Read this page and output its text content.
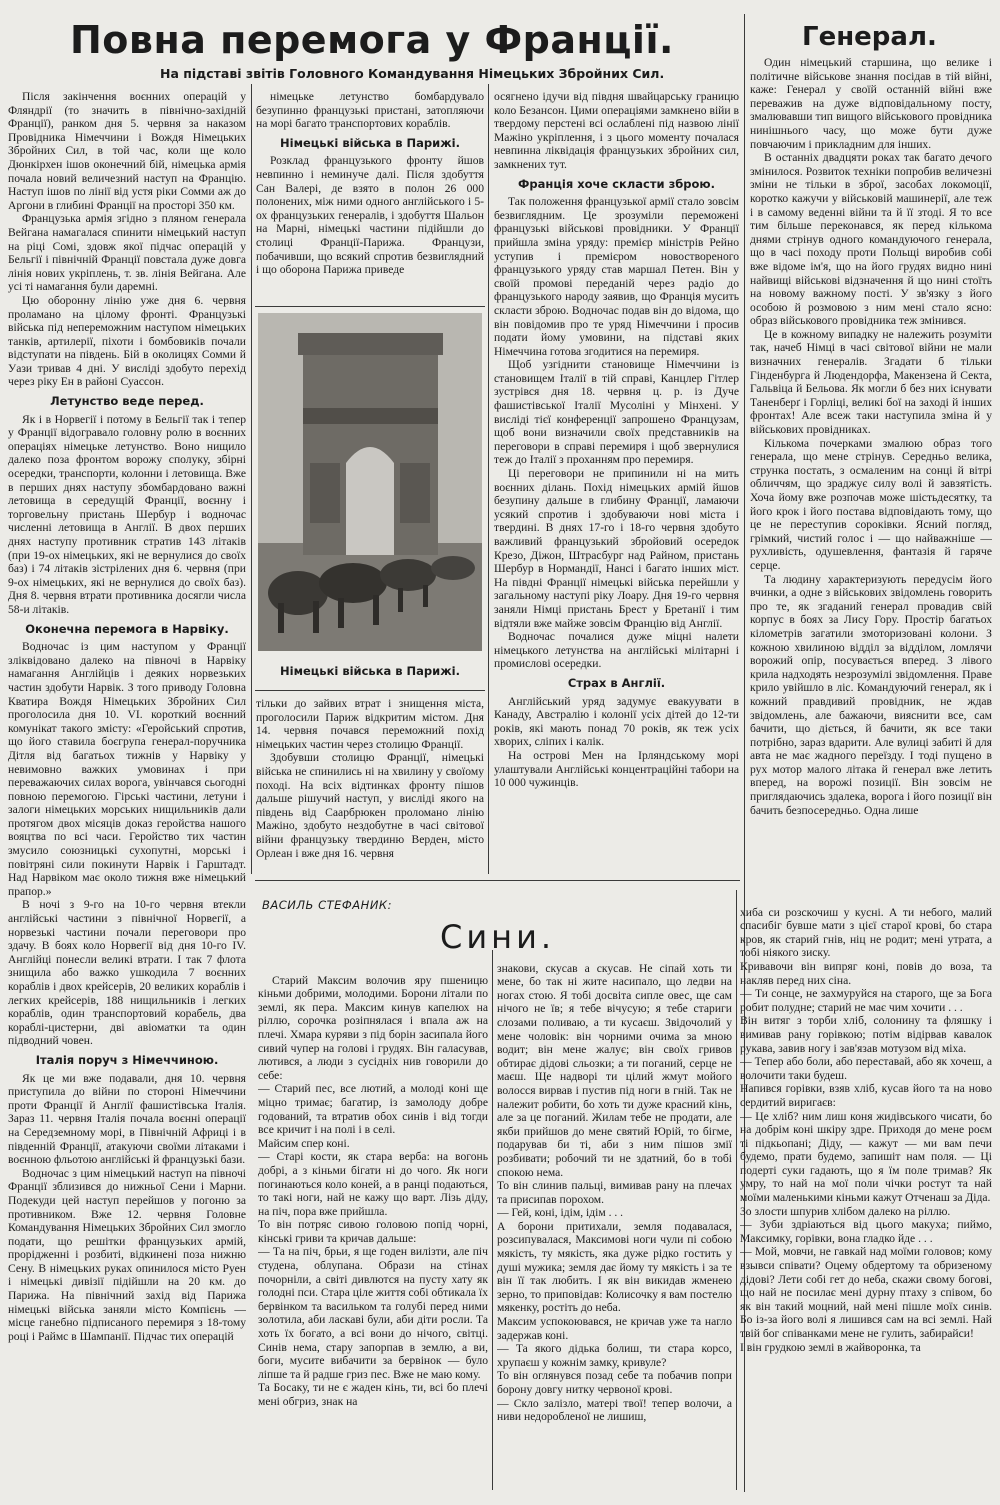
Повна перемога у Франції.
На підставі звітів Головного Командування Німецьких Збройних Сил.
Генерал.

Після закінчення воєнних операцій у Фляндрії (то значить в північно-західній Франції), ранком дня 5. червня за наказом Провідника Німеччини і Вождя Німецьких Збройних Сил, в той час, коли ще коло Дюнкірхен ішов оконечний бій, німецька армія почала новий величезний наступ на Францію. Наступ ішов по лінії від устя ріки Сомми аж до Аргони в глибині Франції на просторі 350 км.

Французька армія згідно з пляном генерала Вейгана намагалася спинити німецький наступ на ріці Сомі, здовж якої підчас операцій у Бельгії і північній Франції повстала дуже довга лінія нових укріплень, т. зв. лінія Вейгана. Але усі ті намагання були даремні.

Цю оборонну лінію уже дня 6. червня проламано на цілому фронті. Французькі війська під непереможним наступом німецьких танків, артилерії, піхоти і бомбовиків почали відступати на південь. Бій в околицях Сомми й Уази тривав 4 дні. У висліді здобуто перехід через ріку Ен в районі Суассон.

Летунство веде перед.

Як і в Норвегії і потому в Бельгії так і тепер у Франції відогравало головну ролю в воєнних операціях німецьке летунство. Воно нищило далеко поза фронтом ворожу сполуку, збірні осередки, транспорти, колонни і летовища. Вже в перших днях наступу збомбардовано важні летовища в середущій Франції, воєнну і торговельну пристань Шербур і водночас численні летовища в Англії. В двох перших днях наступу противник стратив 143 літаків (при 19-ох німецьких, які не вернулися до своїх баз) і 74 літаків зістрілених дня 6. червня (при 9-ох німецьких, які не вернулися до своїх баз). Дня 8. червня втрати противника досягли числа 58-и літаків.

Оконечна перемога в Нарвіку.

Водночас із цим наступом у Франції зліквідовано далеко на півночі в Нарвіку намагання Англійців і деяких норвезьких частин здобути Нарвік. З того приводу Головна Кватира Вождя Німецьких Збройних Сил проголосила дня 10. VI. короткий воєнний комунікат такого змісту: «Геройський спротив, що його ставила боєгрупа генерал-поручника Дітля від багатьох тижнів у Нарвіку у невимовно важких умовинах і при переважаючих силах ворога, увінчався сьогодні повною перемогою. Гірські частини, летуни і залоги німецьких морських нищильників дали протягом двох місяців доказ геройства нашого вояцтва по всі часи. Геройство тих частин змусило союзницькі сухопутні, морські і повітряні сили покинути Нарвік і Гарштадт. Над Нарвіком має около тижня вже німецький прапор.»

В ночі з 9-го на 10-го червня втекли англійські частини з північної Норвегії, а норвезькі частини почали переговори про здачу. В боях коло Норвегії від дня 10-го IV. Англійці понесли великі втрати. І так 7 флота знищила або важко ушкодила 7 воєнних кораблів і двох крейсерів, 20 великих кораблів і легких крейсерів, 188 нищильників і легких кораблів, один транспортовий корабель, два кораблі-цистерни, дві авіоматки та один підводний човен.

Італія поруч з Німеччиною.

Як це ми вже подавали, дня 10. червня приступила до війни по стороні Німеччини проти Франції й Англії фашистівська Італія. Зараз 11. червня Італія почала воєнні операції на Середземному морі, в Північній Африці і в південній Франції, атакуючи своїми літаками і воєнною фльотою англійські й французькі бази.

Водночас з цим німецький наступ на півночі Франції зблизився до нижньої Сени і Марни. Подекуди цей наступ перейшов у погоню за противником. Вже 12. червня Головне Командування Німецьких Збройних Сил змогло подати, що решітки французьких армій, прорідженні і розбиті, відкинені поза нижню Сену. В німецьких руках опинилося місто Руен і німецькі дивізії підійшли на 20 км. до Парижа. На північний захід від Парижа німецькі війська заняли місто Компієнь — місце ганебно підписаного перемиря з 18-тому році і Раймс в Шампанії. Підчас тих операцій

німецьке летунство бомбардувало безупинно французькі пристані, затопляючи на морі багато транспортових кораблів.

Німецькі війська в Парижі.

Розклад французького фронту йшов невпинно і неминуче далі. Після здобуття Сан Валері, де взято в полон 26 000 полонених, між ними одного англійського і 5-ох французьких генералів, і здобуття Шальон на Марні, німецькі частини підійшли до столиці Франції-Парижа. Французи, побачивши, що всякий спротив безвиглядний і що оборона Парижа приведе

Німецькі війська в Парижі.

тільки до зайвих втрат і знищення міста, проголосили Париж відкритим містом. Дня 14. червня почався переможний похід німецьких частин через столицю Франції.

Здобувши столицю Франції, німецькі війська не спинились ні на хвилину у своїому поході. На всіх відтинках фронту пішов дальше рішучий наступ, у висліді якого на південь від Саарбрюкен проломано лінію Мажіно, здобуто нездобутне в часі світової війни французьку твердиню Верден, місто Орлеан і вже дня 16. червня

осягнено ідучи від півдня швайцарську границю коло Безансон. Цими операціями замкнено війи в твердому перстені всі ослаблені під назвою лінії Мажіно укріплення, і з цього моменту почалася невпинна ліквідація французьких збройних сил, замкнених тут.

Франція хоче скласти зброю.

Так положення французької армії стало зовсім безвиглядним. Це зрозуміли переможені французькі військові провідники. У Франції прийшла зміна уряду: премієр міністрів Рейно уступив і премієром новоствореного французького уряду став маршал Петен. Він у своїй промові переданій через радіо до французького народу заявив, що Франція мусить скласти зброю. Водночас подав він до відома, що він повідомив про те уряд Німеччини і просив подати йому умовини, на підставі яких Німеччина готова згодитися на перемиря.

Щоб узгіднити становище Німеччини із становищем Італії в тій справі, Канцлер Гітлер зустрівся дня 18. червня ц. р. із Дуче фашистівської Італії Мусоліні у Мінхені. У висліді тієї конференції запрошено Французам, щоб вони визначили своїх представників на переговори в справі перемиря і щоб звернулися теж до Італії з проханням про перемиря.

Ці переговори не припинили ні на мить воєнних ділань. Похід німецьких армій йшов безупину дальше в глибину Франції, ламаючи усякий спротив і здобуваючи нові міста і твердині. В днях 17-го і 18-го червня здобуто важливий французький збройовий осередок Крезо, Діжон, Штрасбург над Райном, пристань Шербур в Нормандії, Нансі і багато інших міст. На півдні Франції німецькі війська перейшли у загальному наступі ріку Лоару. Дня 19-го червня заняли Німці пристань Брест у Бретанії і тим відтяли вже майже зовсім Францію від Англії.

Водночас почалися дуже міцні налети німецького летунства на англійські мілітарні і промислові осередки.

Страх в Англії.

Англійський уряд задумує евакуувати в Канаду, Австралію і колонії усіх дітей до 12-ти років, які мають понад 70 років, як теж усіх хворих, сліпих і калік.

На острові Мен на Ірляндському морі улаштували Англійські концентраційні табори на 10 000 чужинців.

Один німецький старшина, що велике і політичне військове знання посідав в тій війні, каже: Генерал у своїй останній війні вже переважив на дуже відповідальному посту, змалювавши тип вищого військового провідника нинішнього часу, що може бути дуже повчаючим і прикладним для інших.

В останніх двадцяти роках так багато дечого змінилося. Розвиток техніки попробив величезні зміни не тільки в зброї, засобах локомоції, коротко кажучи у військовій машинерії, але теж і в самому веденні війни та й її зтоді. Я то все тим більше переконався, як перед кількома днями стрінув одного командуючого генерала, що в часі походу проти Польщі виробив собі вже відоме ім'я, що на його грудях видно нині найвищі військові відзначення й що нині стоїть на новому важному пості. У зв'язку з його особою й розмовою з ним мені стало ясно: образ військового провідника теж змінився.

Це в кожному випадку не належить розуміти так, начеб Німці в часі світової війни не мали визначних генералів. Згадати б тільки Гінденбурга й Людендорфа, Макензена й Секта, Гальвіца й Бельова. Як могли б без них існувати Таненберґ і Горліці, великі бої на заході й інших фронтах! Але всеж таки наступила зміна й у військових провідниках.

Кількома почерками змалюю образ того генерала, що мене стрінув. Середньо велика, стрункa постать, з осмаленим на сонці й вітрі обличчям, що зраджує силу волі й завзятість. Хоча йому вже розпочав може шістьдесятку, та його крок і його постава відповідають тому, що це не переступив сороківки. Ясний погляд, грімкий, чистий голос і — що найважніше — рухливість, одушевлення, фантазія й гаряче серце.

Та людину характеризують передусім його вчинки, а одне з військових звідомлень говорить про те, як згаданий генерал провадив свій корпус в боях за Лису Гору. Простір багатьох кілометрів загатили змоторизовані колони. З кожною хвилиною відділ за відділом, ломлячи ворожий опір, посувається вперед. З лівого крила надходять незрозумілі звідомлення. Праве крило увійшло в ліс. Командуючий генерал, як і кожний правдивий провідник, не ждав звідомлень, але бажаючи, вияснити все, сам бачити, що діється, й бачити, як все таки потрібно, зараз вдарити. Але вулиці забиті й для авта не має жадного переїзду. І тоді пущено в рух мотор малого літака й генерал вже летить вперед, на ворожі позиції. Він зовсім не приглядаючись здалека, ворога і його позиції він бачить безпосередньо. Одна лише

ВАСИЛЬ СТЕФАНИК:
Сини.

Старий Максим волочив яру пшеницю кіньми добрими, молодими. Борони літали по землі, як пера. Максим кинув капелюх на ріллю, сорочка розіпнялася і впала аж на плечі. Хмара куряви з під борін засипала його сивий чупер на голові і грудях. Він галасував, лютився, а люди з сусідніх нив говорили до себе:
— Старий пес, все лютий, а молоді коні ще міцно тримає; багатир, із замолоду добре годований, та втратив обох синів і від тогди все кричит і на полі і в селі.
Майсим спер коні.
— Старі кости, як стара верба: на вогонь добрі, а з кіньми бігати ні до чого. Як ноги погинаються коло коней, а в ранці подаються, то такі ноги, най не кажу що варт. Лізь діду, на піч, пора вже прийшла.
То він потряс сивою головою попід чорні, кінські гриви та кричав дальше:
— Та на піч, брьи, я ще годен вилізти, але піч студена, облупана. Образи на стінах почорніли, а світі дивлются на пусту хату як голодні пси. Стара ціле життя собі обтикала їх бервінком та васильком та голубі перед ними золотила, аби ласкаві були, аби діти росли. Та хоть їх богато, а всі вони до нічого, світці. Синів нема, стару запорпав в землю, а ви, боги, мусите вибачити за бервінок — було ліпше та й радше гриз пес. Вже не маю кому.
Та Босаку, ти не є жаден кінь, ти, всі бо плечі мені обгриз, знак на

знакови, скусав а скусав. Не сіпай хоть ти мене, бо так ні жите насипало, що ледви на ногах стою. Я тобі досвіта сипле овес, ще сам нічого не їв; я тебе вічусую; я тебе стариги слозами поливаю, а ти кусаєш. Звідочолий у мене чоловік: він чорними очима за мною водит; він мене жалує; він своїх гривов обтирає дідові сльозки; а ти поганий, серце не маєш. Ще надворі ти цілий жмут мойого волосся вирвав і пустив під ноги в гній. Так не належит робити, бо хоть ти дуже красний кінь, але за це поганий. Жилам тебе не продати, але якби прийшов до мене святий Юрій, то бігме, подарував би ті, аби з ним пішов змії розбивати; робочий ти не здатний, бо в тобі спокою нема.
То він слинив пальці, вимивав рану на плечах та присипав порохом.
— Гей, коні, ідім, ідім . . .
А борони притихали, земля подавалася, розсипувалася, Максимові ноги чули пі собою мякість, ту мякість, яка дуже рідко гостить у душі мужика; земля дає йому ту мякість і за те він її так любить. І як він викидав жменею зерно, то приповідав: Колисочку я вам постелю мякенку, ростіть до неба.
Максим успокоювався, не кричав уже та нагло задержав коні.
— Та якого дідька болиш, ти стара корсо, хрупаєш у кожнім замку, кривуле?
То він оглянувся позад себе та побачив попри борону довгу нитку червоної крові.
— Скло залізло, матері твої! тепер волочи, а ниви недоробленої не лишиш,

хиба си розскочиш у кусні. А ти небого, малий спасибіг бувше мати з цієї старої крові, бо стара кров, як старий гнів, ніц не родит; мені утрата, а тобі ніякого зиску.
Кривавочи він випряг коні, повів до воза, та накляв перед них сіна.
— Ти сонце, не захмуруйся на старого, ще за Бога робит полудне; старий не має чим хочити . . .
Він витяг з торби хліб, солонину та фляшку і вимивав рану горівкою; потім відірвав кавалок рукава, завив ногу і зав'язав мотузом від міха.
— Тепер або боли, або переставай, або як хочеш, а волочити таки будеш.
Напився горівки, взяв хліб, кусав його та на ново сердитий виригаєв:
— Це хліб? ним лиш коня жидівського чисати, бо на добрім коні шкіру здре. Приходя до мене роєм ті підкьопані; Діду, — кажут — ми вам печи будемо, прати будемо, запишіт нам поля. — Ці подерті суки гадають, що я їм поле тримав? Як умру, то най на мої поли чічки ростут та най моїми маленькими кіньми кажут Отченаш за Діда.
Зо злости шпурив хлібом далеко на ріллю.
— Зуби здріаються від цього макуха; пиймо, Максимку, горівки, вона гладко йде . . .
— Мой, мовчи, не гавкай над моїми головов; кому взывси співати? Оцему обдертому та обризеному дідові? Лети собі гет до неба, скажи свому богові, що най не посилає мені дурну птаху з співом, бо як він такий моцний, най мені пішле моїх синів. Бо із-за його волі я лишився сам на всі землі. Най твій бог співанками мене не гулить, забирайси!
І він грудкою землі в жайворонка, та
